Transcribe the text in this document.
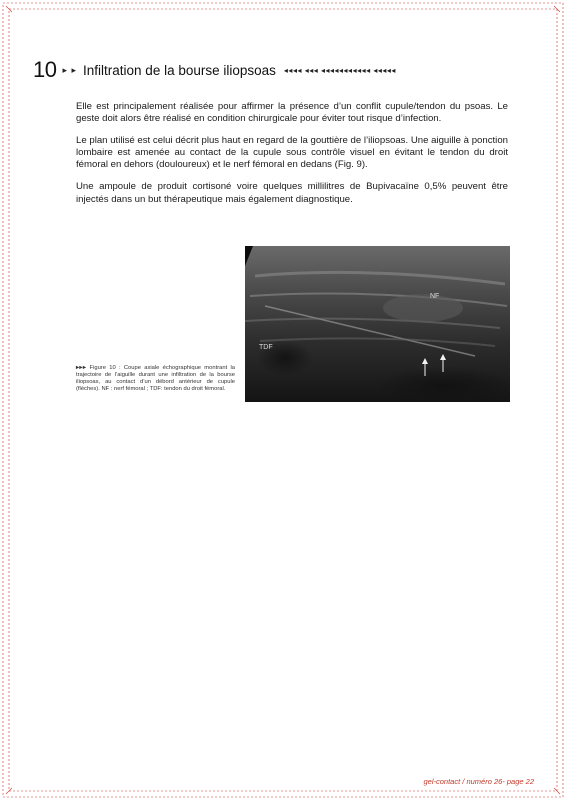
10 ▸ ▸ Infiltration de la bourse iliopsoas ◂◂◂◂ ◂◂◂ ◂◂◂◂◂◂◂◂◂◂◂ ◂◂◂◂◂

Elle est principalement réalisée pour affirmer la présence d’un conflit cupule/tendon du psoas. Le geste doit alors être réalisé en condition chirurgicale pour éviter tout risque d’infection.

Le plan utilisé est celui décrit plus haut en regard de la gouttière de l’iliopsoas. Une aiguille à ponction lombaire est amenée au contact de la cupule sous contrôle visuel en évitant le tendon du droit fémoral en dehors (douloureux) et le nerf fémoral en dedans (Fig. 9).

Une ampoule de produit cortisoné voire quelques millilitres de Bupivacaïne 0,5% peuvent être injectés dans un but thérapeutique mais également diagnostique.

NF
TDF
▸▸▸ Figure 10 : Coupe axiale échographique montrant la trajectoire de l’aiguille durant une infiltration de la bourse iliopsoas, au contact d’un débord antérieur de cupule (flèches). NF : nerf fémoral ; TDF: tendon du droit fémoral.
gel-contact / numéro 26- page 22
